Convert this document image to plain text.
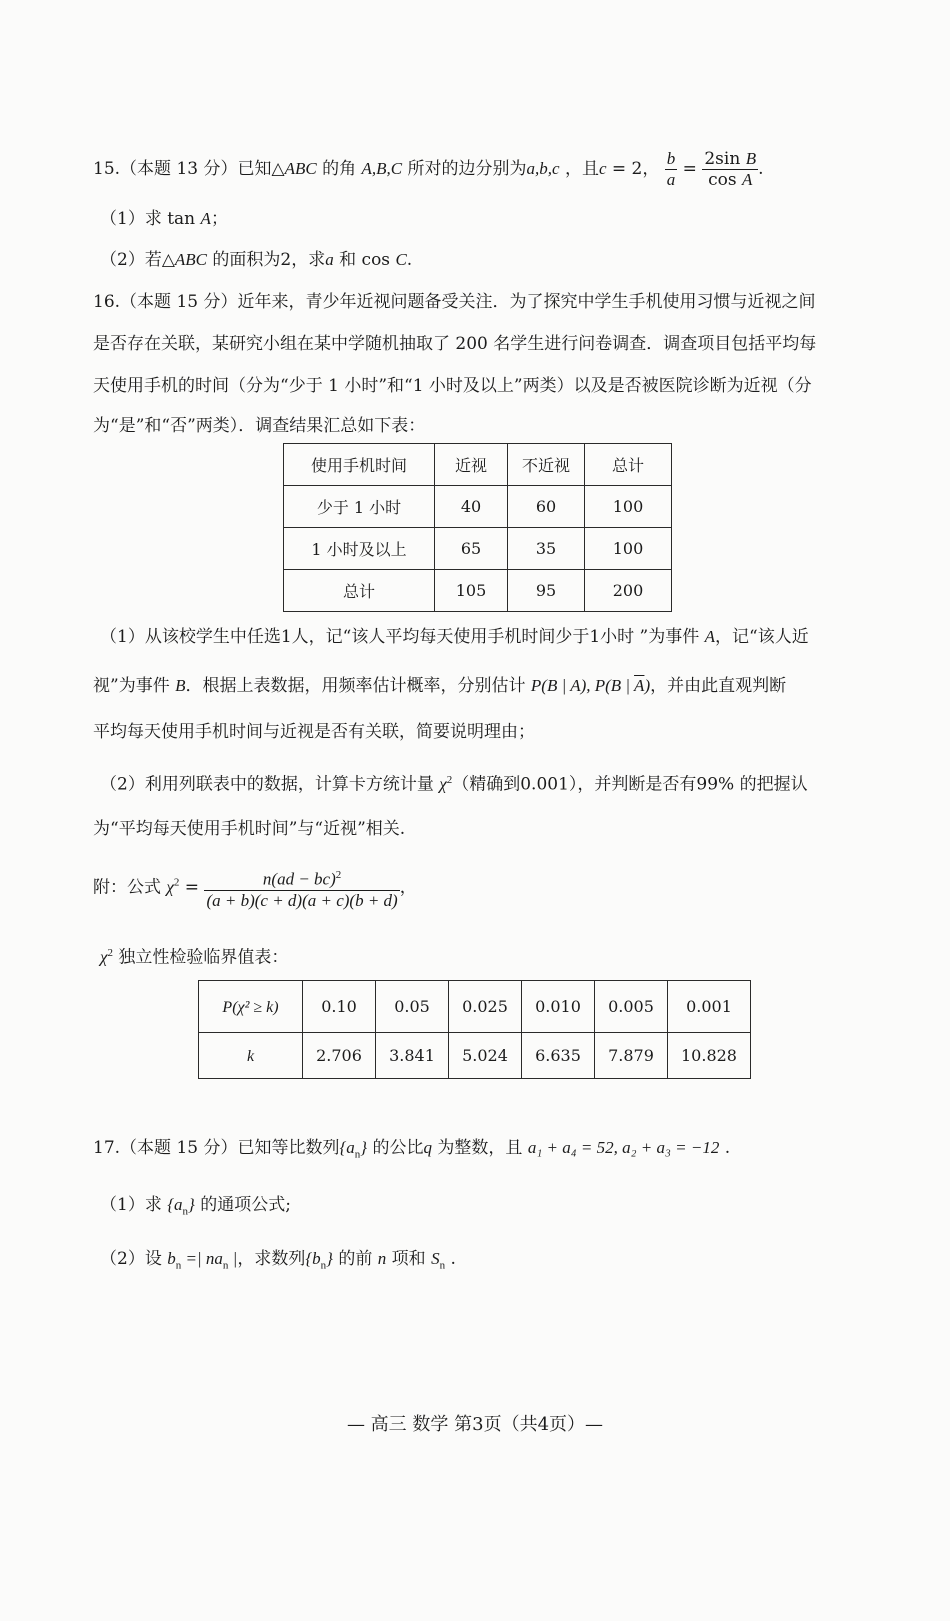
15.（本题 13 分）已知△ABC 的角 A,B,C 所对的边分别为a,b,c ，且c = 2， $\frac{b}{a} = \frac{\text{2sin B}}{\text{cos A}}$ .
（1）求 tan A；
（2）若△ABC 的面积为2，求a 和 cos C.
16.（本题 15 分）近年来，青少年近视问题备受关注．为了探究中学生手机使用习惯与近视之间
是否存在关联，某研究小组在某中学随机抽取了 200 名学生进行问卷调查．调查项目包括平均每
天使用手机的时间（分为“少于 1 小时”和“1 小时及以上”两类）以及是否被医院诊断为近视（分
为“是”和“否”两类）．调查结果汇总如下表：
使用手机时间	近视	不近视	总计
少于 1 小时	40	60	100
1 小时及以上	65	35	100
总计	105	95	200
（1）从该校学生中任选1人，记“该人平均每天使用手机时间少于1小时 ”为事件 A，记“该人近
视”为事件 B．根据上表数据，用频率估计概率，分别估计 P(B | A), P(B | $\overline{A}$)，并由此直观判断
平均每天使用手机时间与近视是否有关联，简要说明理由；
（2）利用列联表中的数据，计算卡方统计量 $\chi^2$（精确到0.001），并判断是否有99% 的把握认
为“平均每天使用手机时间”与“近视”相关.
附：公式 $\chi^2 = \frac{n(ad - bc)^2}{(a + b)(c + d)(a + c)(b + d)}$ ，
$\chi^2$ 独立性检验临界值表：
P(χ² ≥ k)	0.10	0.05	0.025	0.010	0.005	0.001
k	2.706	3.841	5.024	6.635	7.879	10.828
17.（本题 15 分）已知等比数列$\{a_n\}$ 的公比q 为整数，且 a₁ + a₄ = 52, a₂ + a₃ = −12 .
（1）求 $\{a_n\}$ 的通项公式;
（2）设 $b_n$ =| $na_n$ |，求数列$\{b_n\}$ 的前 n 项和 $S_n$ .
— 高三 数学 第3页（共4页）—
